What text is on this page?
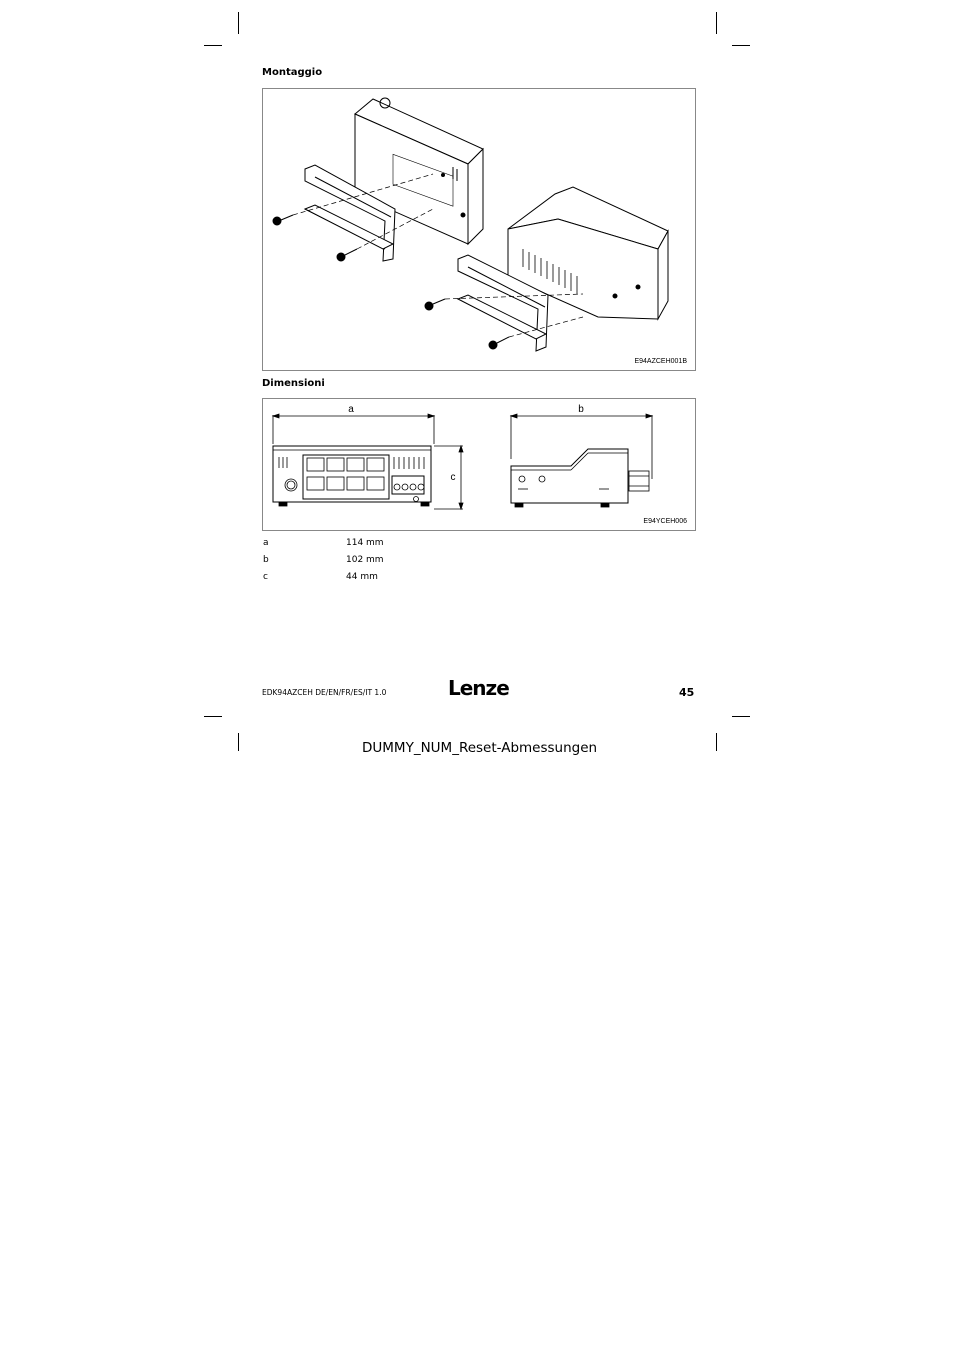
Montaggio
E94AZCEH001B
Dimensioni
a	b
c
E94YCEH006
a	114 mm
b	102 mm
c	44 mm
EDK94AZCEH DE/EN/FR/ES/IT 1.0	Lenze	45
DUMMY_NUM_Reset-Abmessungen
